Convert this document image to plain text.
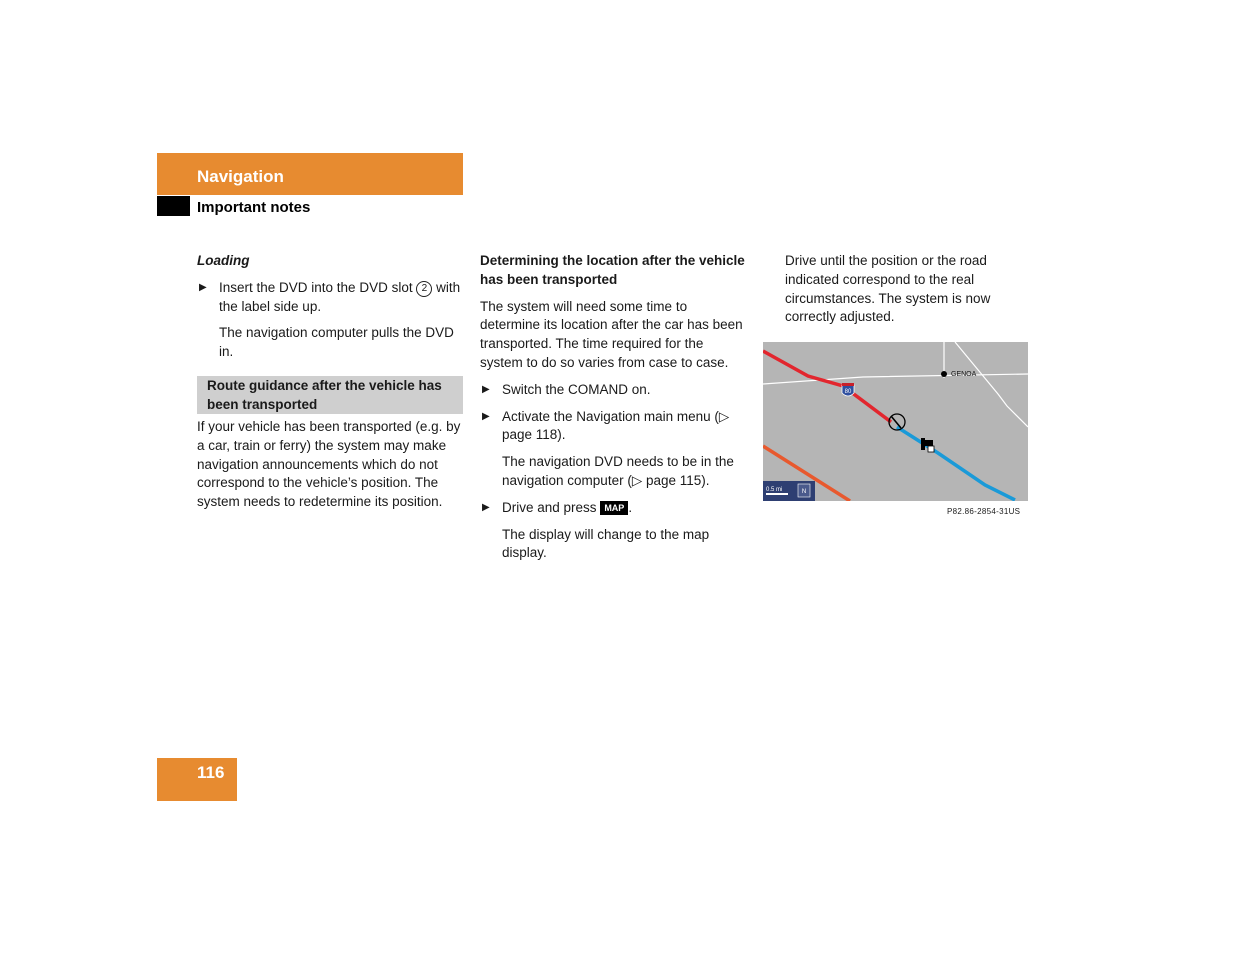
Navigation
Important notes

Loading

▶ Insert the DVD into the DVD slot 2 with the label side up.

The navigation computer pulls the DVD in.

Route guidance after the vehicle has been transported

If your vehicle has been transported (e.g. by a car, train or ferry) the system may make navigation announcements which do not correspond to the vehicle’s position. The system needs to redetermine its position.

Determining the location after the vehicle has been transported

The system will need some time to determine its location after the car has been transported. The time required for the system to do so varies from case to case.

▶ Switch the COMAND on.

▶ Activate the Navigation main menu (▷ page 118).

The navigation DVD needs to be in the navigation computer (▷ page 115).

▶ Drive and press MAP .

The display will change to the map display.

Drive until the position or the road indicated correspond to the real circumstances. The system is now correctly adjusted.

80
GENOA
0.5 mi	N
P82.86-2854-31US
116
